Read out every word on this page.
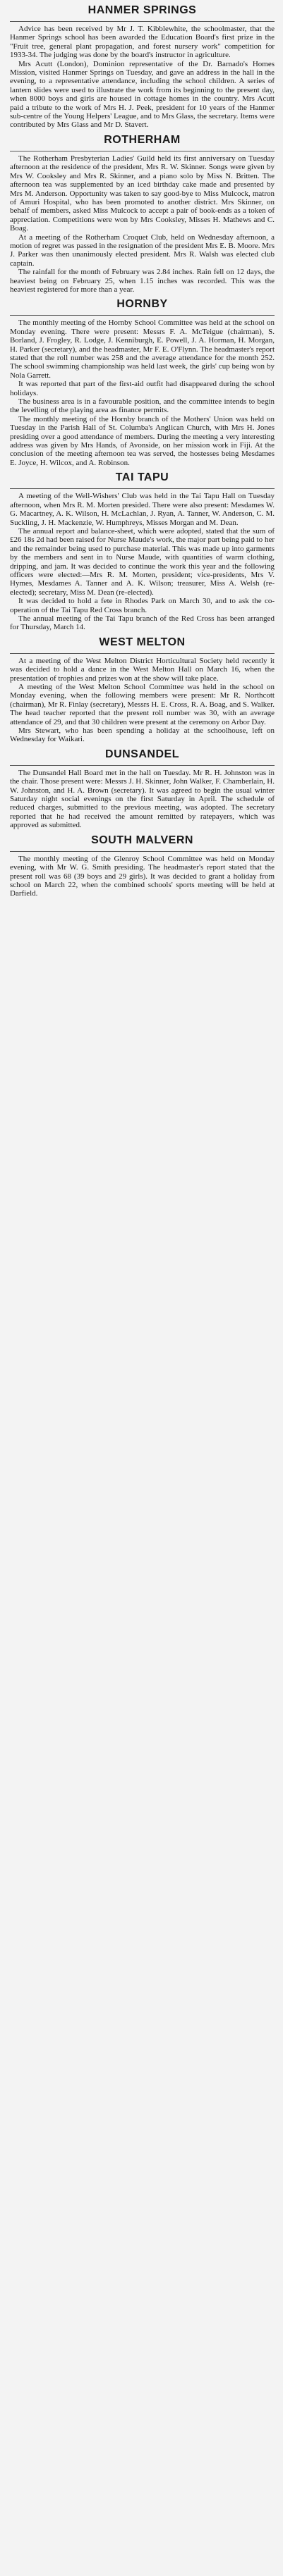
HANMER SPRINGS

Advice has been received by Mr J. T. Kibblewhite, the schoolmaster, that the Hanmer Springs school has been awarded the Education Board's first prize in the "Fruit tree, general plant propagation, and forest nursery work" competition for 1933-34. The judging was done by the board's instructor in agriculture.

Mrs Acutt (London), Dominion representative of the Dr. Barnado's Homes Mission, visited Hanmer Springs on Tuesday, and gave an address in the hall in the evening, to a representative attendance, including the school children. A series of lantern slides were used to illustrate the work from its beginning to the present day, when 8000 boys and girls are housed in cottage homes in the country. Mrs Acutt paid a tribute to the work of Mrs H. J. Peek, president for 10 years of the Hanmer sub-centre of the Young Helpers' League, and to Mrs Glass, the secretary. Items were contributed by Mrs Glass and Mr D. Stavert.

ROTHERHAM

The Rotherham Presbyterian Ladies' Guild held its first anniversary on Tuesday afternoon at the residence of the president, Mrs R. W. Skinner. Songs were given by Mrs W. Cooksley and Mrs R. Skinner, and a piano solo by Miss N. Britten. The afternoon tea was supplemented by an iced birthday cake made and presented by Mrs M. Anderson. Opportunity was taken to say good-bye to Miss Mulcock, matron of Amuri Hospital, who has been promoted to another district. Mrs Skinner, on behalf of members, asked Miss Mulcock to accept a pair of book-ends as a token of appreciation. Competitions were won by Mrs Cooksley, Misses H. Mathews and C. Boag.

At a meeting of the Rotherham Croquet Club, held on Wednesday afternoon, a motion of regret was passed in the resignation of the president Mrs E. B. Moore. Mrs J. Parker was then unanimously elected president. Mrs R. Walsh was elected club captain.

The rainfall for the month of February was 2.84 inches. Rain fell on 12 days, the heaviest being on February 25, when 1.15 inches was recorded. This was the heaviest registered for more than a year.

HORNBY

The monthly meeting of the Hornby School Committee was held at the school on Monday evening. There were present: Messrs F. A. McTeigue (chairman), S. Borland, J. Frogley, R. Lodge, J. Kenniburgh, E. Powell, J. A. Horman, H. Morgan, H. Parker (secretary), and the headmaster, Mr F. E. O'Flynn. The headmaster's report stated that the roll number was 258 and the average attendance for the month 252. The school swimming championship was held last week, the girls' cup being won by Nola Garrett.

It was reported that part of the first-aid outfit had disappeared during the school holidays.

The business area is in a favourable position, and the committee intends to begin the levelling of the playing area as finance permits.

The monthly meeting of the Hornby branch of the Mothers' Union was held on Tuesday in the Parish Hall of St. Columba's Anglican Church, with Mrs H. Jones presiding over a good attendance of members. During the meeting a very interesting address was given by Mrs Hands, of Avonside, on her mission work in Fiji. At the conclusion of the meeting afternoon tea was served, the hostesses being Mesdames E. Joyce, H. Wilcox, and A. Robinson.

TAI TAPU

A meeting of the Well-Wishers' Club was held in the Tai Tapu Hall on Tuesday afternoon, when Mrs R. M. Morten presided. There were also present: Mesdames W. G. Macartney, A. K. Wilson, H. McLachlan, J. Ryan, A. Tanner, W. Anderson, C. M. Suckling, J. H. Mackenzie, W. Humphreys, Misses Morgan and M. Dean.

The annual report and balance-sheet, which were adopted, stated that the sum of £26 18s 2d had been raised for Nurse Maude's work, the major part being paid to her and the remainder being used to purchase material. This was made up into garments by the members and sent in to Nurse Maude, with quantities of warm clothing, dripping, and jam. It was decided to continue the work this year and the following officers were elected:—Mrs R. M. Morten, president; vice-presidents, Mrs V. Hymes, Mesdames A. Tanner and A. K. Wilson; treasurer, Miss A. Welsh (re-elected); secretary, Miss M. Dean (re-elected).

It was decided to hold a fete in Rhodes Park on March 30, and to ask the co-operation of the Tai Tapu Red Cross branch.

The annual meeting of the Tai Tapu branch of the Red Cross has been arranged for Thursday, March 14.

WEST MELTON

At a meeting of the West Melton District Horticultural Society held recently it was decided to hold a dance in the West Melton Hall on March 16, when the presentation of trophies and prizes won at the show will take place.

A meeting of the West Melton School Committee was held in the school on Monday evening, when the following members were present: Mr R. Northcott (chairman), Mr R. Finlay (secretary), Messrs H. E. Cross, R. A. Boag, and S. Walker. The head teacher reported that the present roll number was 30, with an average attendance of 29, and that 30 children were present at the ceremony on Arbor Day.

Mrs Stewart, who has been spending a holiday at the schoolhouse, left on Wednesday for Waikari.

DUNSANDEL

The Dunsandel Hall Board met in the hall on Tuesday. Mr R. H. Johnston was in the chair. Those present were: Messrs J. H. Skinner, John Walker, F. Chamberlain, H. W. Johnston, and H. A. Brown (secretary). It was agreed to begin the usual winter Saturday night social evenings on the first Saturday in April. The schedule of reduced charges, submitted to the previous meeting, was adopted. The secretary reported that he had received the amount remitted by ratepayers, which was approved as submitted.

SOUTH MALVERN

The monthly meeting of the Glenroy School Committee was held on Monday evening, with Mr W. G. Smith presiding. The headmaster's report stated that the present roll was 68 (39 boys and 29 girls). It was decided to grant a holiday from school on March 22, when the combined schools' sports meeting will be held at Darfield.
